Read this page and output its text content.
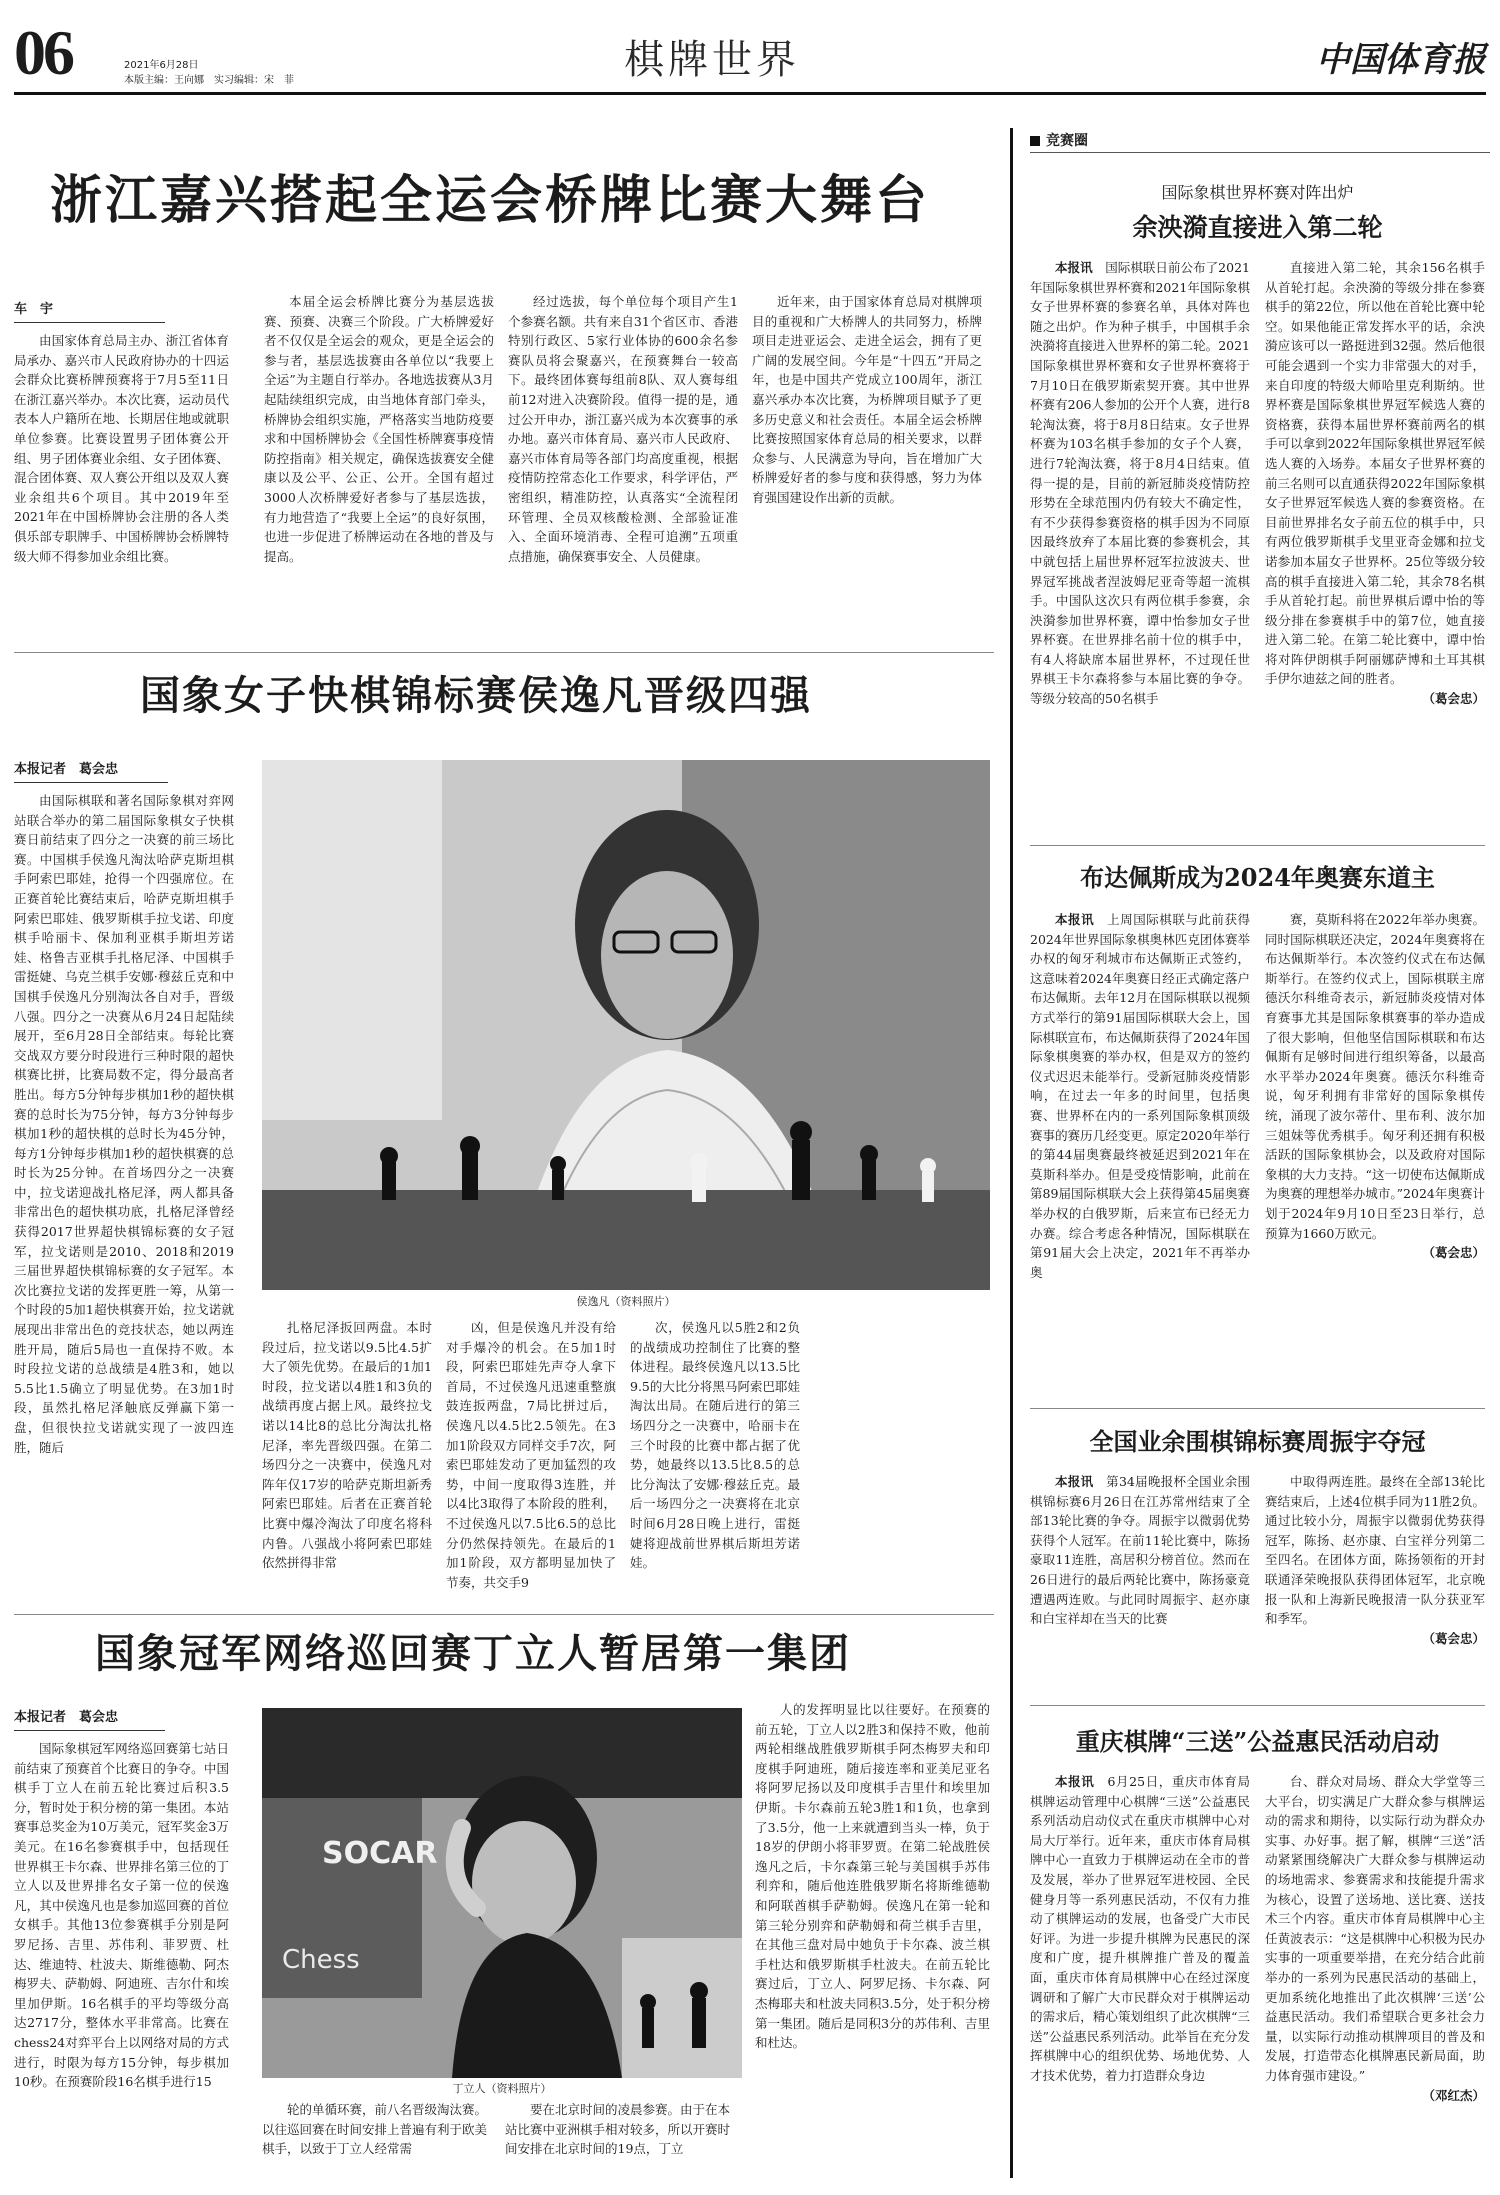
06	2021年6月28日
本版主编：王向娜　实习编辑：宋　菲	棋牌世界	中国体育报
浙江嘉兴搭起全运会桥牌比赛大舞台
车　宇

由国家体育总局主办、浙江省体育局承办、嘉兴市人民政府协办的十四运会群众比赛桥牌预赛将于7月5至11日在浙江嘉兴举办。本次比赛，运动员代表本人户籍所在地、长期居住地或就职单位参赛。比赛设置男子团体赛公开组、男子团体赛业余组、女子团体赛、混合团体赛、双人赛公开组以及双人赛业余组共6个项目。其中2019年至2021年在中国桥牌协会注册的各人类俱乐部专职牌手、中国桥牌协会桥牌特级大师不得参加业余组比赛。

本届全运会桥牌比赛分为基层选拔赛、预赛、决赛三个阶段。广大桥牌爱好者不仅仅是全运会的观众，更是全运会的参与者，基层选拔赛由各单位以“我要上全运”为主题自行举办。各地选拔赛从3月起陆续组织完成，由当地体育部门牵头，桥牌协会组织实施，严格落实当地防疫要求和中国桥牌协会《全国性桥牌赛事疫情防控指南》相关规定，确保选拔赛安全健康以及公平、公正、公开。全国有超过3000人次桥牌爱好者参与了基层选拔，有力地营造了“我要上全运”的良好氛围，也进一步促进了桥牌运动在各地的普及与提高。

经过选拔，每个单位每个项目产生1个参赛名额。共有来自31个省区市、香港特别行政区、5家行业体协的600余名参赛队员将会聚嘉兴，在预赛舞台一较高下。最终团体赛每组前8队、双人赛每组前12对进入决赛阶段。值得一提的是，通过公开申办，浙江嘉兴成为本次赛事的承办地。嘉兴市体育局、嘉兴市人民政府、嘉兴市体育局等各部门均高度重视，根据疫情防控常态化工作要求，科学评估，严密组织，精准防控，认真落实“全流程闭环管理、全员双核酸检测、全部验证准入、全面环境消毒、全程可追溯”五项重点措施，确保赛事安全、人员健康。

近年来，由于国家体育总局对棋牌项目的重视和广大桥牌人的共同努力，桥牌项目走进亚运会、走进全运会，拥有了更广阔的发展空间。今年是“十四五”开局之年，也是中国共产党成立100周年，浙江嘉兴承办本次比赛，为桥牌项目赋予了更多历史意义和社会责任。本届全运会桥牌比赛按照国家体育总局的相关要求，以群众参与、人民满意为导向，旨在增加广大桥牌爱好者的参与度和获得感，努力为体育强国建设作出新的贡献。

国象女子快棋锦标赛侯逸凡晋级四强
本报记者　葛会忠

由国际棋联和著名国际象棋对弈网站联合举办的第二届国际象棋女子快棋赛日前结束了四分之一决赛的前三场比赛。中国棋手侯逸凡淘汰哈萨克斯坦棋手阿索巴耶娃，抢得一个四强席位。在正赛首轮比赛结束后，哈萨克斯坦棋手阿索巴耶娃、俄罗斯棋手拉戈诺、印度棋手哈丽卡、保加利亚棋手斯坦芳诺娃、格鲁吉亚棋手扎格尼泽、中国棋手雷挺婕、乌克兰棋手安娜·穆兹丘克和中国棋手侯逸凡分别淘汰各自对手，晋级八强。四分之一决赛从6月24日起陆续展开，至6月28日全部结束。每轮比赛交战双方要分时段进行三种时限的超快棋赛比拼，比赛局数不定，得分最高者胜出。每方5分钟每步棋加1秒的超快棋赛的总时长为75分钟，每方3分钟每步棋加1秒的超快棋的总时长为45分钟，每方1分钟每步棋加1秒的超快棋赛的总时长为25分钟。在首场四分之一决赛中，拉戈诺迎战扎格尼泽，两人都具备非常出色的超快棋功底，扎格尼泽曾经获得2017世界超快棋锦标赛的女子冠军，拉戈诺则是2010、2018和2019三届世界超快棋锦标赛的女子冠军。本次比赛拉戈诺的发挥更胜一筹，从第一个时段的5加1超快棋赛开始，拉戈诺就展现出非常出色的竞技状态，她以两连胜开局，随后5局也一直保持不败。本时段拉戈诺的总战绩是4胜3和，她以5.5比1.5确立了明显优势。在3加1时段，虽然扎格尼泽触底反弹赢下第一盘，但很快拉戈诺就实现了一波四连胜，随后

侯逸凡（资料照片）

扎格尼泽扳回两盘。本时段过后，拉戈诺以9.5比4.5扩大了领先优势。在最后的1加1时段，拉戈诺以4胜1和3负的战绩再度占据上风。最终拉戈诺以14比8的总比分淘汰扎格尼泽，率先晋级四强。在第二场四分之一决赛中，侯逸凡对阵年仅17岁的哈萨克斯坦新秀阿索巴耶娃。后者在正赛首轮比赛中爆冷淘汰了印度名将科内鲁。八强战小将阿索巴耶娃依然拼得非常

凶，但是侯逸凡并没有给对手爆冷的机会。在5加1时段，阿索巴耶娃先声夺人拿下首局，不过侯逸凡迅速重整旗鼓连扳两盘，7局比拼过后，侯逸凡以4.5比2.5领先。在3加1阶段双方同样交手7次，阿索巴耶娃发动了更加猛烈的攻势，中间一度取得3连胜，并以4比3取得了本阶段的胜利，不过侯逸凡以7.5比6.5的总比分仍然保持领先。在最后的1加1阶段，双方都明显加快了节奏，共交手9

次，侯逸凡以5胜2和2负的战绩成功控制住了比赛的整体进程。最终侯逸凡以13.5比9.5的大比分将黑马阿索巴耶娃淘汰出局。在随后进行的第三场四分之一决赛中，哈丽卡在三个时段的比赛中都占据了优势，她最终以13.5比8.5的总比分淘汰了安娜·穆兹丘克。最后一场四分之一决赛将在北京时间6月28日晚上进行，雷挺婕将迎战前世界棋后斯坦芳诺娃。

国象冠军网络巡回赛丁立人暂居第一集团
本报记者　葛会忠

国际象棋冠军网络巡回赛第七站日前结束了预赛首个比赛日的争夺。中国棋手丁立人在前五轮比赛过后积3.5分，暂时处于积分榜的第一集团。本站赛事总奖金为10万美元，冠军奖金3万美元。在16名参赛棋手中，包括现任世界棋王卡尔森、世界排名第三位的丁立人以及世界排名女子第一位的侯逸凡，其中侯逸凡也是参加巡回赛的首位女棋手。其他13位参赛棋手分别是阿罗尼扬、吉里、苏伟利、菲罗贾、杜达、维迪特、杜波夫、斯维德勒、阿杰梅罗夫、萨勒姆、阿迪班、吉尔什和埃里加伊斯。16名棋手的平均等级分高达2717分，整体水平非常高。比赛在chess24对弈平台上以网络对局的方式进行，时限为每方15分钟，每步棋加10秒。在预赛阶段16名棋手进行15

SOCAR
Chess
丁立人（资料照片）

轮的单循环赛，前八名晋级淘汰赛。以往巡回赛在时间安排上普遍有利于欧美棋手，以致于丁立人经常需

要在北京时间的凌晨参赛。由于在本站比赛中亚洲棋手相对较多，所以开赛时间安排在北京时间的19点，丁立

人的发挥明显比以往要好。在预赛的前五轮，丁立人以2胜3和保持不败，他前两轮相继战胜俄罗斯棋手阿杰梅罗夫和印度棋手阿迪班，随后接连率和亚美尼亚名将阿罗尼扬以及印度棋手吉里什和埃里加伊斯。卡尔森前五轮3胜1和1负，也拿到了3.5分，他一上来就遭到当头一棒，负于18岁的伊朗小将菲罗贾。在第二轮战胜侯逸凡之后，卡尔森第三轮与美国棋手苏伟利弈和，随后他连胜俄罗斯名将斯维德勒和阿联酋棋手萨勒姆。侯逸凡在第一轮和第三轮分别弈和萨勒姆和荷兰棋手吉里，在其他三盘对局中她负于卡尔森、波兰棋手杜达和俄罗斯棋手杜波夫。在前五轮比赛过后，丁立人、阿罗尼扬、卡尔森、阿杰梅耶夫和杜波夫同积3.5分，处于积分榜第一集团。随后是同积3分的苏伟利、吉里和杜达。

竞赛圈
国际象棋世界杯赛对阵出炉
余泱漪直接进入第二轮

本报讯　 国际棋联日前公布了2021年国际象棋世界杯赛和2021年国际象棋女子世界杯赛的参赛名单，具体对阵也随之出炉。作为种子棋手，中国棋手余泱漪将直接进入世界杯的第二轮。2021国际象棋世界杯赛和女子世界杯赛将于7月10日在俄罗斯索契开赛。其中世界杯赛有206人参加的公开个人赛，进行8轮淘汰赛，将于8月8日结束。女子世界杯赛为103名棋手参加的女子个人赛，进行7轮淘汰赛，将于8月4日结束。值得一提的是，目前的新冠肺炎疫情防控形势在全球范围内仍有较大不确定性，有不少获得参赛资格的棋手因为不同原因最终放弃了本届比赛的参赛机会，其中就包括上届世界杯冠军拉波波夫、世界冠军挑战者涅波姆尼亚奇等超一流棋手。中国队这次只有两位棋手参赛，余泱漪参加世界杯赛，谭中怡参加女子世界杯赛。在世界排名前十位的棋手中，有4人将缺席本届世界杯，不过现任世界棋王卡尔森将参与本届比赛的争夺。等级分较高的50名棋手

直接进入第二轮，其余156名棋手从首轮打起。余泱漪的等级分排在参赛棋手的第22位，所以他在首轮比赛中轮空。如果他能正常发挥水平的话，余泱漪应该可以一路挺进到32强。然后他很可能会遇到一个实力非常强大的对手，来自印度的特级大师哈里克利斯纳。世界杯赛是国际象棋世界冠军候选人赛的资格赛，获得本届世界杯赛前两名的棋手可以拿到2022年国际象棋世界冠军候选人赛的入场券。本届女子世界杯赛的前三名则可以直通获得2022年国际象棋女子世界冠军候选人赛的参赛资格。在目前世界排名女子前五位的棋手中，只有两位俄罗斯棋手戈里亚奇金娜和拉戈诺参加本届女子世界杯。25位等级分较高的棋手直接进入第二轮，其余78名棋手从首轮打起。前世界棋后谭中怡的等级分排在参赛棋手中的第7位，她直接进入第二轮。在第二轮比赛中，谭中怡将对阵伊朗棋手阿丽娜萨博和土耳其棋手伊尔迪兹之间的胜者。

（葛会忠）
布达佩斯成为2024年奥赛东道主

本报讯　 上周国际棋联与此前获得2024年世界国际象棋奥林匹克团体赛举办权的匈牙利城市布达佩斯正式签约，这意味着2024年奥赛日经正式确定落户布达佩斯。去年12月在国际棋联以视频方式举行的第91届国际棋联大会上，国际棋联宣布，布达佩斯获得了2024年国际象棋奥赛的举办权，但是双方的签约仪式迟迟未能举行。受新冠肺炎疫情影响，在过去一年多的时间里，包括奥赛、世界杯在内的一系列国际象棋顶级赛事的赛历几经变更。原定2020年举行的第44届奥赛最终被延迟到2021年在莫斯科举办。但是受疫情影响，此前在第89届国际棋联大会上获得第45届奥赛举办权的白俄罗斯，后来宣布已经无力办赛。综合考虑各种情况，国际棋联在第91届大会上决定，2021年不再举办奥

赛，莫斯科将在2022年举办奥赛。同时国际棋联还决定，2024年奥赛将在布达佩斯举行。本次签约仪式在布达佩斯举行。在签约仪式上，国际棋联主席德沃尔科维奇表示，新冠肺炎疫情对体育赛事尤其是国际象棋赛事的举办造成了很大影响，但他坚信国际棋联和布达佩斯有足够时间进行组织筹备，以最高水平举办2024年奥赛。德沃尔科维奇说，匈牙利拥有非常好的国际象棋传统，涌现了波尔蒂什、里布利、波尔加三姐妹等优秀棋手。匈牙利还拥有积极活跃的国际象棋协会，以及政府对国际象棋的大力支持。“这一切使布达佩斯成为奥赛的理想举办城市。”2024年奥赛计划于2024年9月10日至23日举行，总预算为1660万欧元。

（葛会忠）
全国业余围棋锦标赛周振宇夺冠

本报讯　 第34届晚报杯全国业余围棋锦标赛6月26日在江苏常州结束了全部13轮比赛的争夺。周振宇以微弱优势获得个人冠军。在前11轮比赛中，陈扬豪取11连胜，高居积分榜首位。然而在26日进行的最后两轮比赛中，陈扬豪竟遭遇两连败。与此同时周振宇、赵亦康和白宝祥却在当天的比赛

中取得两连胜。最终在全部13轮比赛结束后，上述4位棋手同为11胜2负。通过比较小分，周振宇以微弱优势获得冠军，陈扬、赵亦康、白宝祥分列第二至四名。在团体方面，陈扬领衔的开封联通泽荣晚报队获得团体冠军，北京晚报一队和上海新民晚报清一队分获亚军和季军。

（葛会忠）
重庆棋牌“三送”公益惠民活动启动

本报讯　 6月25日，重庆市体育局棋牌运动管理中心棋牌“三送”公益惠民系列活动启动仪式在重庆市棋牌中心对局大厅举行。近年来，重庆市体育局棋牌中心一直致力于棋牌运动在全市的普及发展，举办了世界冠军进校园、全民健身月等一系列惠民活动，不仅有力推动了棋牌运动的发展，也备受广大市民好评。为进一步提升棋牌为民惠民的深度和广度，提升棋牌推广普及的覆盖面，重庆市体育局棋牌中心在经过深度调研和了解广大市民群众对于棋牌运动的需求后，精心策划组织了此次棋牌“三送”公益惠民系列活动。此举旨在充分发挥棋牌中心的组织优势、场地优势、人才技术优势，着力打造群众身边

台、群众对局场、群众大学堂等三大平台，切实满足广大群众参与棋牌运动的需求和期待，以实际行动为群众办实事、办好事。据了解，棋牌“三送”活动紧紧围绕解决广大群众参与棋牌运动的场地需求、参赛需求和技能提升需求为核心，设置了送场地、送比赛、送技术三个内容。重庆市体育局棋牌中心主任黄波表示：“这是棋牌中心积极为民办实事的一项重要举措，在充分结合此前举办的一系列为民惠民活动的基础上，更加系统化地推出了此次棋牌‘三送’公益惠民活动。我们希望联合更多社会力量，以实际行动推动棋牌项目的普及和发展，打造带态化棋牌惠民新局面，助力体育强市建设。”

（邓红杰）
